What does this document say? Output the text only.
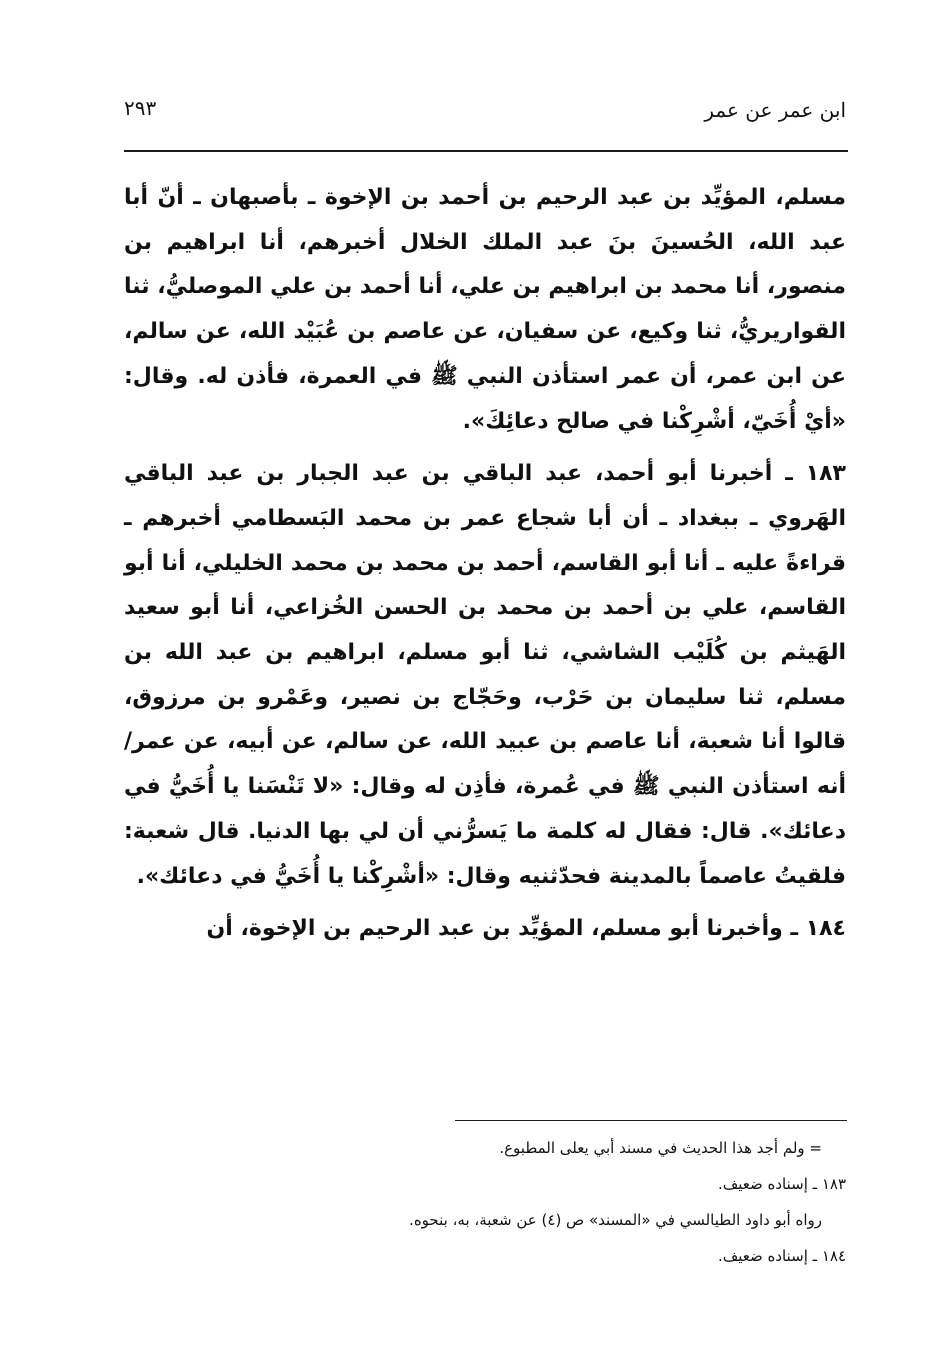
ابن عمر عن عمر
٢٩٣

مسلم، المؤيِّد بن عبد الرحيم بن أحمد بن الإخوة ـ بأصبهان ـ أنّ أبا عبد الله، الحُسينَ بنَ عبد الملك الخلال أخبرهم، أنا ابراهيم بن منصور، أنا محمد بن ابراهيم بن علي، أنا أحمد بن علي الموصليُّ، ثنا القواريريُّ، ثنا وكيع، عن سفيان، عن عاصم بن عُبَيْد الله، عن سالم، عن ابن عمر، أن عمر استأذن النبي ﷺ في العمرة، فأذن له. وقال: «أيْ أُخَيّ، أشْرِكْنا في صالح دعائِكَ».

١٨٣ ـ أخبرنا أبو أحمد، عبد الباقي بن عبد الجبار بن عبد الباقي الهَروي ـ ببغداد ـ أن أبا شجاع عمر بن محمد البَسطامي أخبرهم ـ قراءةً عليه ـ أنا أبو القاسم، أحمد بن محمد بن محمد الخليلي، أنا أبو القاسم، علي بن أحمد بن محمد بن الحسن الخُزاعي، أنا أبو سعيد الهَيثم بن كُلَيْب الشاشي، ثنا أبو مسلم، ابراهيم بن عبد الله بن مسلم، ثنا سليمان بن حَرْب، وحَجّاج بن نصير، وعَمْرو بن مرزوق، قالوا أنا شعبة، أنا عاصم بن عبيد الله، عن سالم، عن أبيه، عن عمر/أنه استأذن النبي ﷺ في عُمرة، فأذِن له وقال: «لا تَنْسَنا يا أُخَيُّ في دعائك». قال: فقال له كلمة ما يَسرُّني أن لي بها الدنيا. قال شعبة: فلقيتُ عاصماً بالمدينة فحدّثنيه وقال: «أشْرِكْنا يا أُخَيُّ في دعائك».

١٨٤ ـ وأخبرنا أبو مسلم، المؤيِّد بن عبد الرحيم بن الإخوة، أن

= ولم أجد هذا الحديث في مسند أبي يعلى المطبوع.

١٨٣ ـ إسناده ضعيف.

رواه أبو داود الطيالسي في «المسند» ص (٤) عن شعبة، به، بنحوه.

١٨٤ ـ إسناده ضعيف.
